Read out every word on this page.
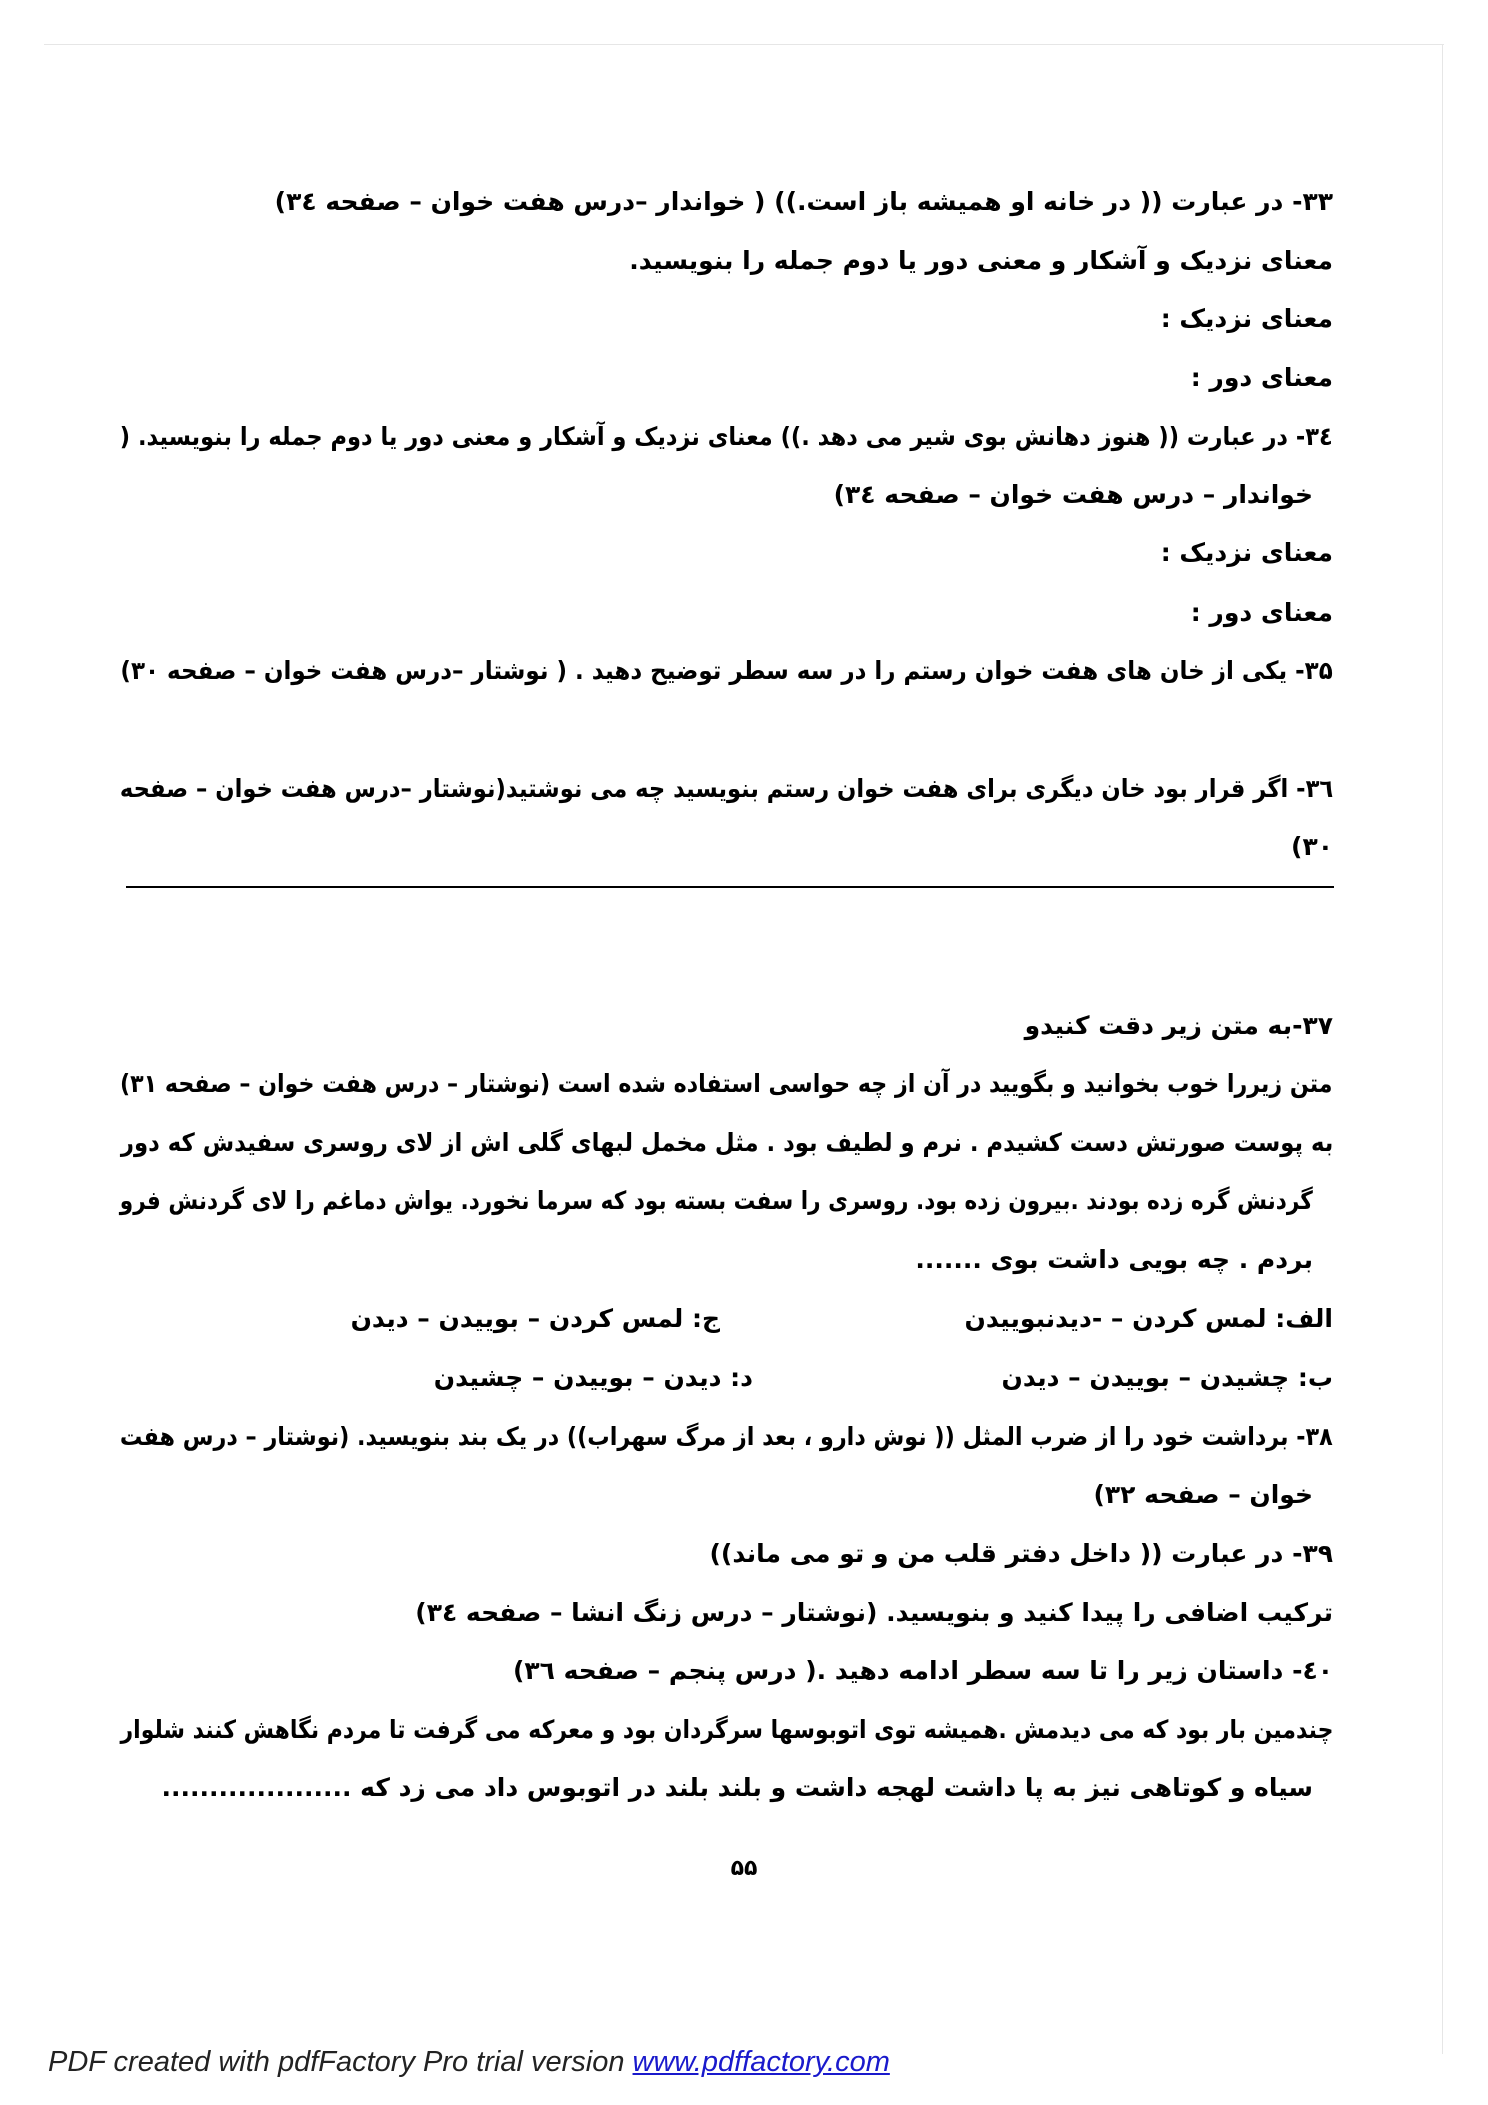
۳۳- در عبارت (( در خانه او همیشه باز است.)) ( خواندار –درس هفت خوان – صفحه ۳٤)
معنای نزدیک و آشکار و معنی دور یا دوم جمله را بنویسید.
معنای نزدیک :
معنای دور :
۳٤- در عبارت (( هنوز دهانش بوی شیر می دهد .)) معنای نزدیک و آشکار و معنی دور یا دوم جمله را بنویسید. (
خواندار – درس هفت خوان – صفحه ۳٤)
معنای نزدیک :
معنای دور :
۳۵- یکی از خان های هفت خوان رستم را در سه سطر توضیح دهید . ( نوشتار –درس هفت خوان – صفحه ۳۰)
۳٦- اگر قرار بود خان دیگری برای هفت خوان رستم بنویسید چه می نوشتید(نوشتار –درس هفت خوان – صفحه
۳۰)
۳۷-به متن زیر دقت کنیدو
متن زیررا خوب بخوانید و بگویید در آن از چه حواسی استفاده شده است (نوشتار – درس هفت خوان – صفحه ۳۱)
به پوست صورتش دست کشیدم . نرم و لطیف بود . مثل مخمل لبهای گلی اش از لای روسری سفیدش که دور
گردنش گره زده بودند .بیرون زده بود. روسری را سفت بسته بود که سرما نخورد. یواش دماغم را لای گردنش فرو
بردم . چه بویی داشت بوی .......
الف: لمس کردن – -دیدنبوییدن
ج: لمس کردن – بوییدن – دیدن
ب: چشیدن – بوییدن – دیدن
د: دیدن – بوییدن – چشیدن
۳۸- برداشت خود را از ضرب المثل (( نوش دارو ، بعد از مرگ سهراب)) در یک بند بنویسید. (نوشتار – درس هفت
خوان – صفحه ۳۲)
۳۹- در عبارت (( داخل دفتر قلب من و تو می ماند))
ترکیب اضافی را پیدا کنید و بنویسید. (نوشتار – درس زنگ انشا – صفحه ۳٤)
٤۰- داستان زیر را تا سه سطر ادامه دهید .( درس پنجم – صفحه ۳٦)
چندمین بار بود که می دیدمش .همیشه توی اتوبوسها سرگردان بود و معرکه می گرفت تا مردم نگاهش کنند شلوار
سیاه و کوتاهی نیز به پا داشت لهجه داشت و بلند بلند در اتوبوس داد می زد که ....................
۵۵
PDF created with pdfFactory Pro trial version www.pdffactory.com
